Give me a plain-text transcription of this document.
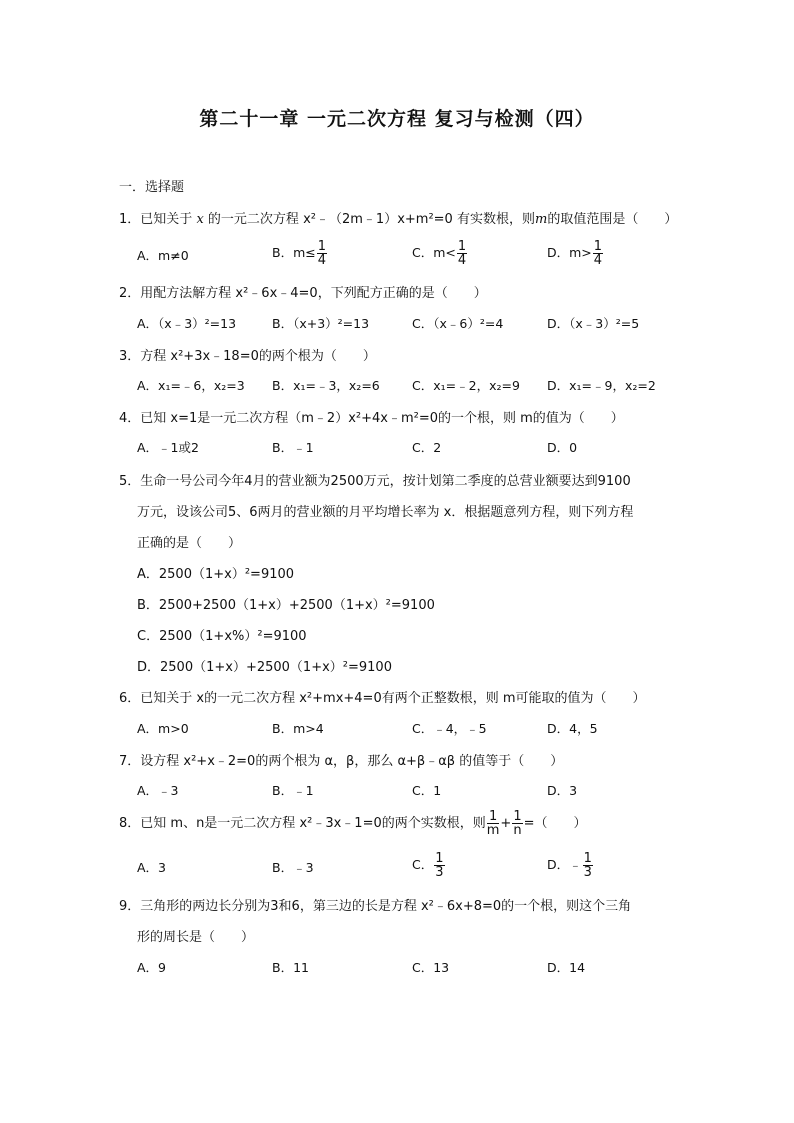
第二十一章 一元二次方程 复习与检测（四）
一．选择题
1．已知关于 x 的一元二次方程 x²﹣（2m﹣1）x+m²=0 有实数根，则m的取值范围是（　　）
A．m≠0	B．$m\le \frac{1}{4}$	C．$m< \frac{1}{4}$	D．$m> \frac{1}{4}$
2．用配方法解方程 x²﹣6x﹣4=0，下列配方正确的是（　　）
A．（x﹣3）²=13	B．（x+3）²=13	C．（x﹣6）²=4	D．（x﹣3）²=5
3．方程 x²+3x﹣18=0的两个根为（　　）
A．x₁=﹣6，x₂=3 B．x₁=﹣3，x₂=6	C．x₁=﹣2，x₂=9 D．x₁=﹣9，x₂=2
4．已知 x=1是一元二次方程（m﹣2）x²+4x﹣m²=0的一个根，则 m的值为（　　）
A．﹣1或2	B．﹣1	C．2	D．0
5．生命一号公司今年4月的营业额为2500万元，按计划第二季度的总营业额要达到9100
万元，设该公司5、6两月的营业额的月平均增长率为 x．根据题意列方程，则下列方程
正确的是（　　）
A．2500（1+x）²=9100
B．2500+2500（1+x）+2500（1+x）²=9100
C．2500（1+x%）²=9100
D．2500（1+x）+2500（1+x）²=9100
6．已知关于 x的一元二次方程 x²+mx+4=0有两个正整数根，则 m可能取的值为（　　）
A．m>0	B．m>4	C．﹣4，﹣5	D．4，5
7．设方程 x²+x﹣2=0的两个根为 α，β，那么 α+β﹣αβ 的值等于（　　）
A．﹣3	B．﹣1	C．1	D．3
8．已知 m、n是一元二次方程 x²﹣3x﹣1=0的两个实数根，则 $\frac{1}{m} + \frac{1}{n}$ =（　　）
A．3	B．﹣3	C． $\frac{1}{3}$	D．﹣ $\frac{1}{3}$
9．三角形的两边长分别为3和6，第三边的长是方程 x²﹣6x+8=0的一个根，则这个三角
形的周长是（　　）
A．9	B．11	C．13	D．14
